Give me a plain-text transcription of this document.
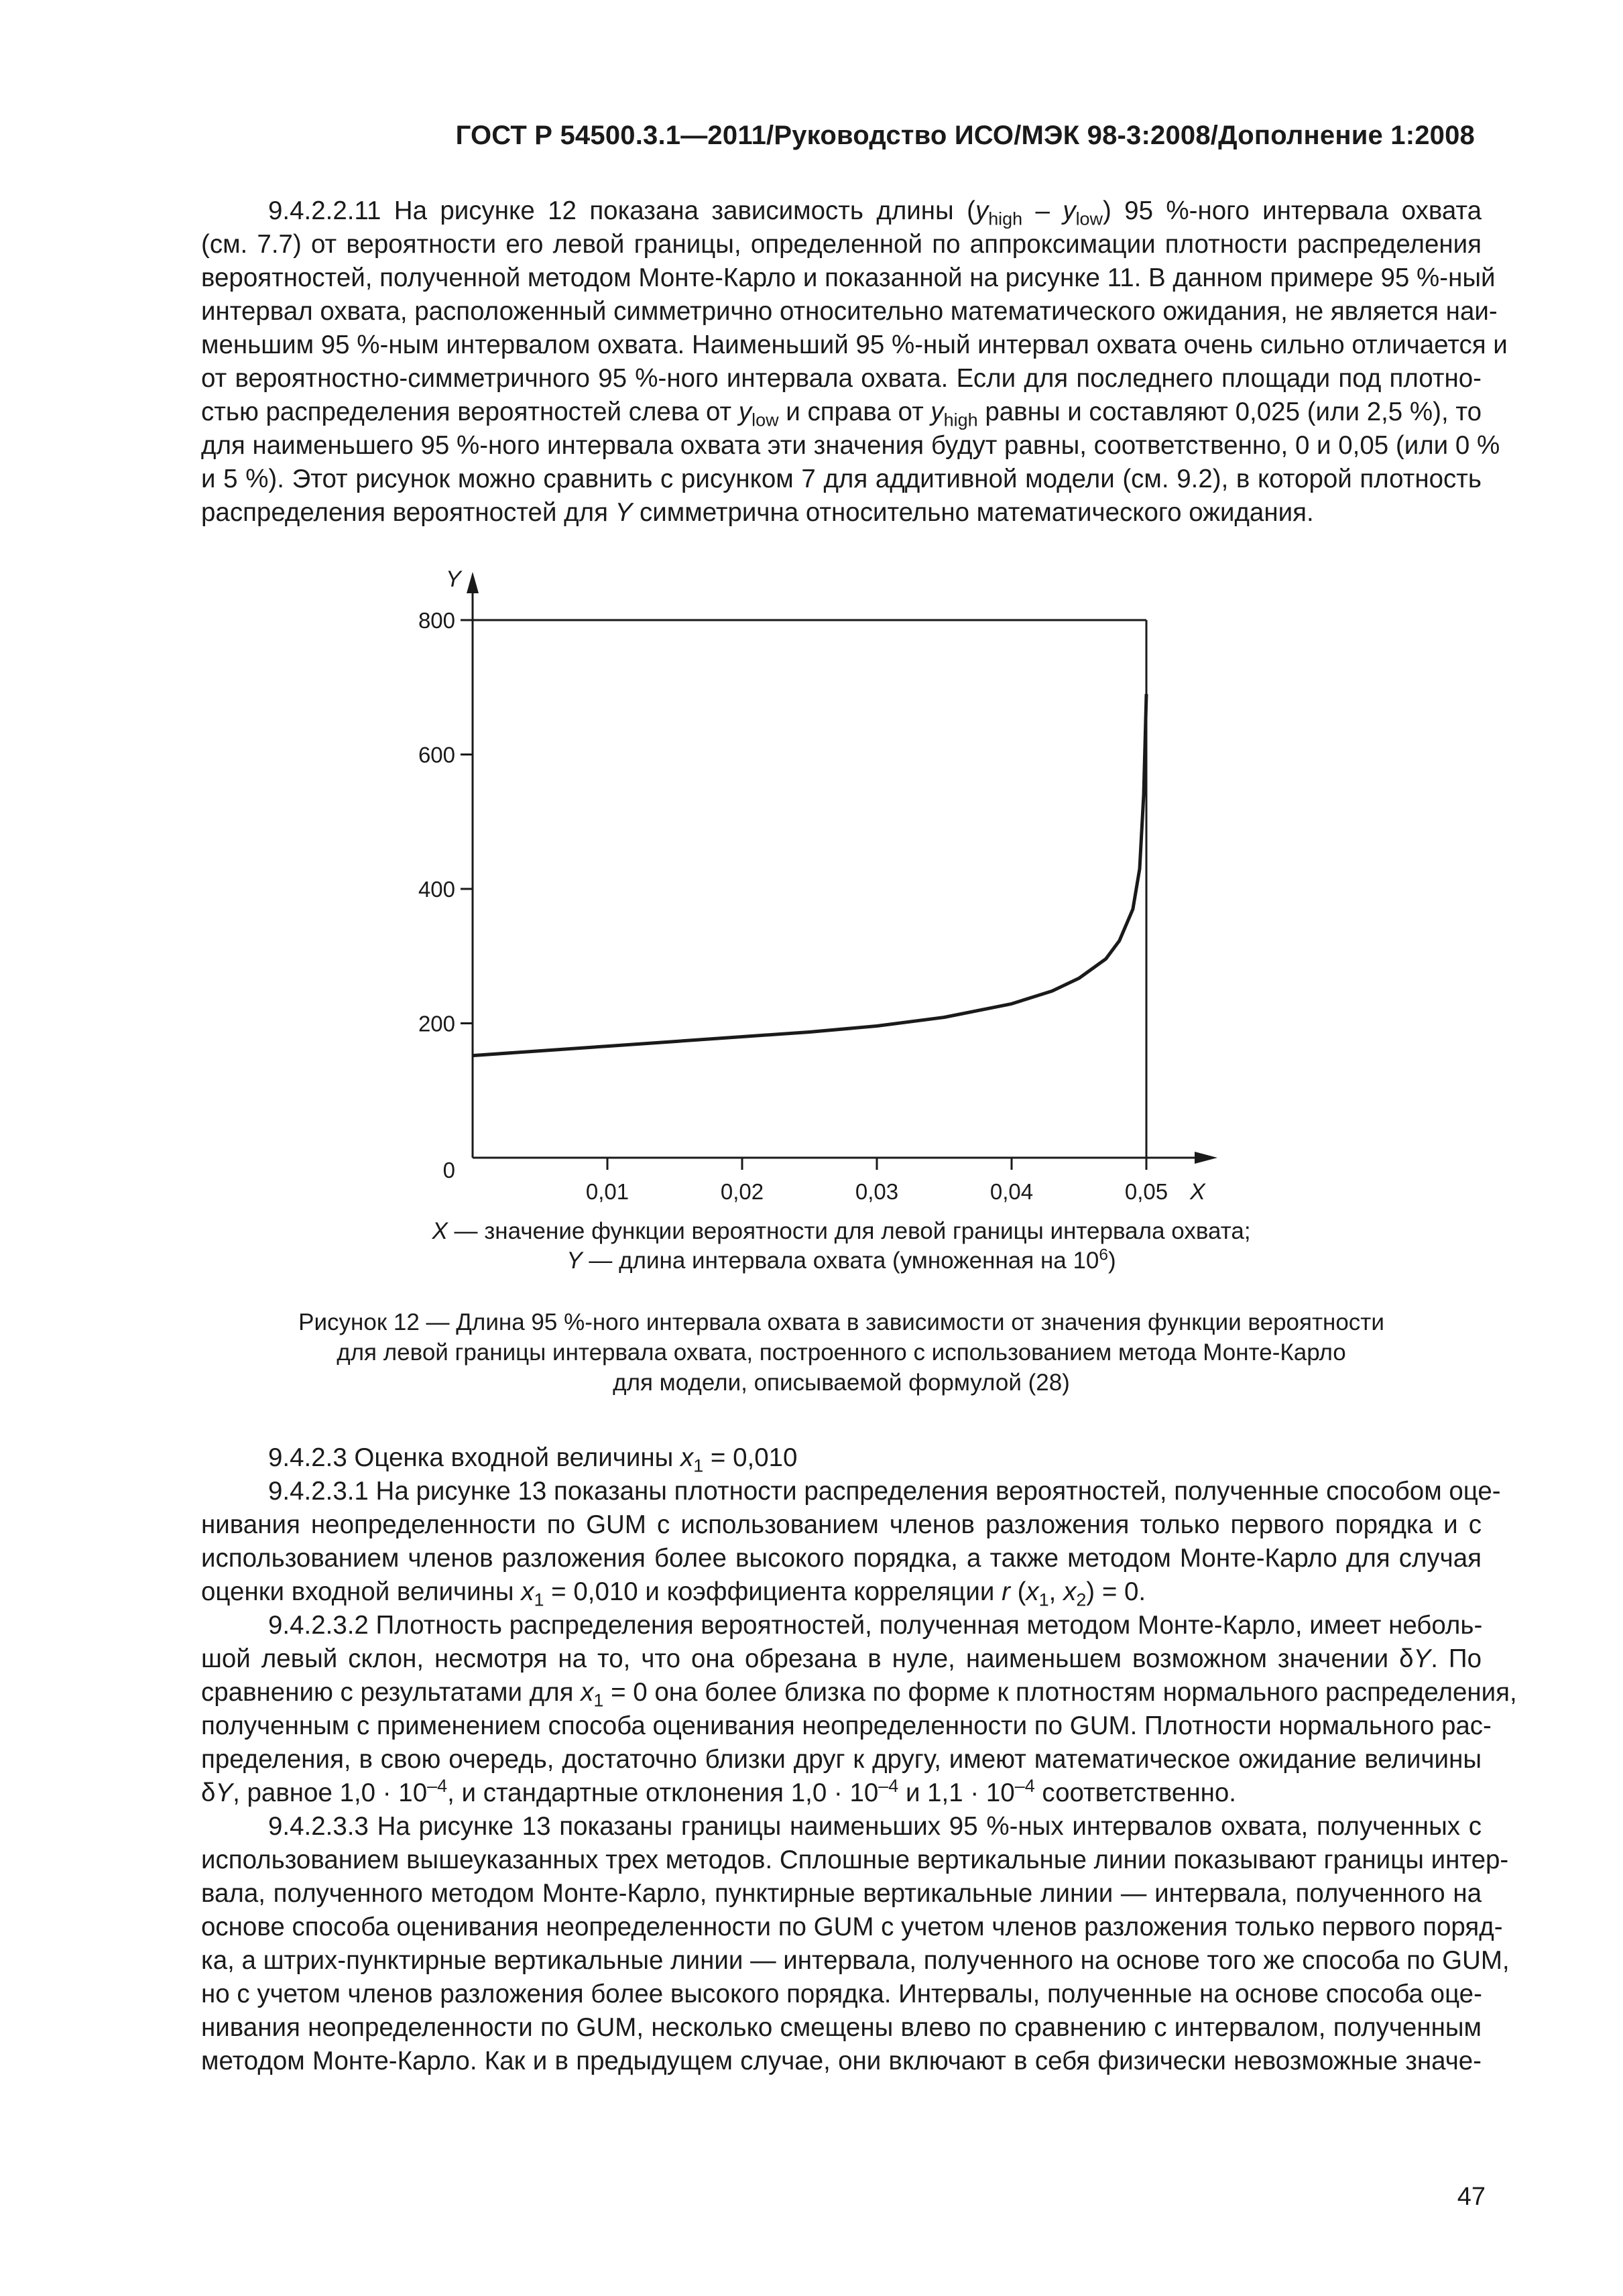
ГОСТ Р 54500.3.1—2011/Руководство ИСО/МЭК 98-3:2008/Дополнение 1:2008
9.4.2.2.11 На рисунке 12 показана зависимость длины $(y_{high} - y_{low})$ 95 %-ного интервала охвата
(см. 7.7) от вероятности его левой границы, определенной по аппроксимации плотности распределения
вероятностей, полученной методом Монте-Карло и показанной на рисунке 11. В данном примере 95 %-ный
интервал охвата, расположенный симметрично относительно математического ожидания, не является наи-
меньшим 95 %-ным интервалом охвата. Наименьший 95 %-ный интервал охвата очень сильно отличается и
от вероятностно-симметричного 95 %-ного интервала охвата. Если для последнего площади под плотно-
стью распределения вероятностей слева от $y_{low}$ и справа от $y_{high}$ равны и составляют 0,025 (или 2,5 %), то
для наименьшего 95 %-ного интервала охвата эти значения будут равны, соответственно, 0 и 0,05 (или 0 %
и 5 %). Этот рисунок можно сравнить с рисунком 7 для аддитивной модели (см. 9.2), в которой плотность
распределения вероятностей для Y симметрична относительно математического ожидания.
Y
X
0
200
400
600
800
0,01	0,02	0,03	0,04	0,05
X — значение функции вероятности для левой границы интервала охвата;
Y — длина интервала охвата (умноженная на $10^6$)
Рисунок 12 — Длина 95 %-ного интервала охвата в зависимости от значения функции вероятности
для левой границы интервала охвата, построенного с использованием метода Монте-Карло
для модели, описываемой формулой (28)
9.4.2.3 Оценка входной величины $x_1 = 0,010$
9.4.2.3.1 На рисунке 13 показаны плотности распределения вероятностей, полученные способом оце-
нивания неопределенности по GUM с использованием членов разложения только первого порядка и с
использованием членов разложения более высокого порядка, а также методом Монте-Карло для случая
оценки входной величины $x_1 = 0,010$ и коэффициента корреляции r ($x_1$, $x_2) = 0$.
9.4.2.3.2 Плотность распределения вероятностей, полученная методом Монте-Карло, имеет неболь-
шой левый склон, несмотря на то, что она обрезана в нуле, наименьшем возможном значении δY. По
сравнению с результатами для $x_1 = 0$ она более близка по форме к плотностям нормального распределения,
полученным с применением способа оценивания неопределенности по GUM. Плотности нормального рас-
пределения, в свою очередь, достаточно близки друг к другу, имеют математическое ожидание величины
δY, равное $1,0 \cdot 10^{-4}$, и стандартные отклонения $1,0 \cdot 10^{-4}$ и $1,1 \cdot 10^{-4}$ соответственно.
9.4.2.3.3 На рисунке 13 показаны границы наименьших 95 %-ных интервалов охвата, полученных с
использованием вышеуказанных трех методов. Сплошные вертикальные линии показывают границы интер-
вала, полученного методом Монте-Карло, пунктирные вертикальные линии — интервала, полученного на
основе способа оценивания неопределенности по GUM с учетом членов разложения только первого поряд-
ка, а штрих-пунктирные вертикальные линии — интервала, полученного на основе того же способа по GUM,
но с учетом членов разложения более высокого порядка. Интервалы, полученные на основе способа оце-
нивания неопределенности по GUM, несколько смещены влево по сравнению с интервалом, полученным
методом Монте-Карло. Как и в предыдущем случае, они включают в себя физически невозможные значе-
47
